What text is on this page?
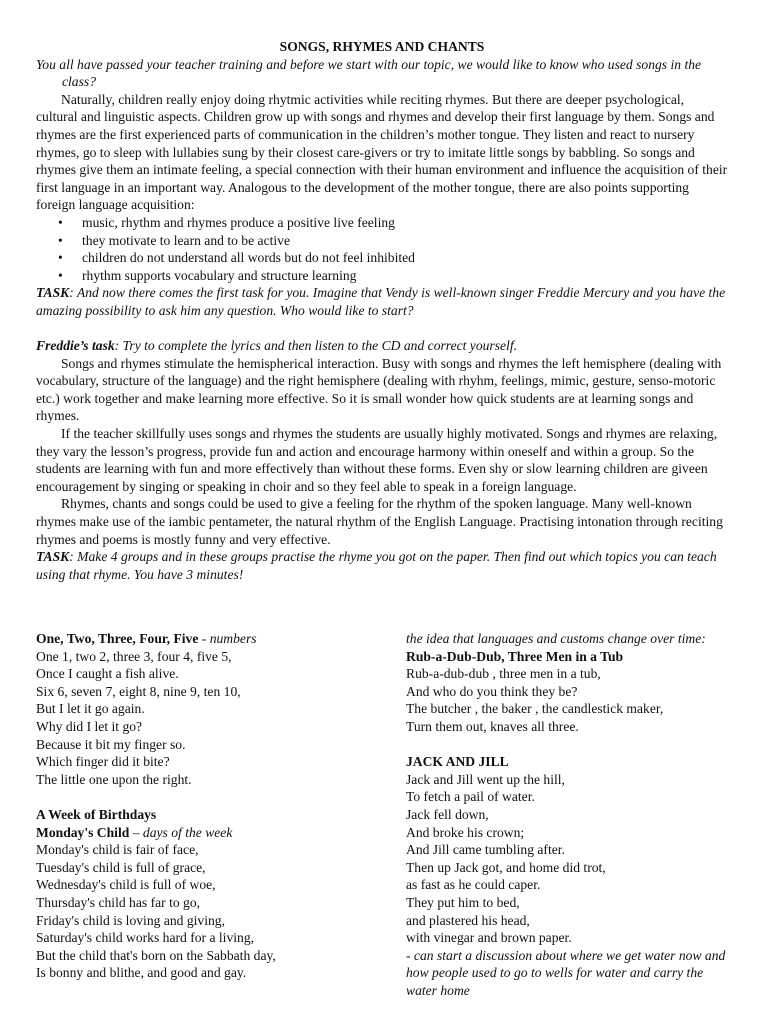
SONGS, RHYMES AND CHANTS

You all have passed your teacher training and before we start with our topic, we would like to know who used songs in the class?

Naturally, children really enjoy doing rhytmic activities while reciting rhymes. But there are deeper psychological, cultural and linguistic aspects. Children grow up with songs and rhymes and develop their first language by them. Songs and rhymes are the first experienced parts of communication in the children’s mother tongue. They listen and react to nursery rhymes, go to sleep with lullabies sung by their closest care-givers or try to imitate little songs by babbling. So songs and rhymes give them an intimate feeling, a special connection with their human environment and influence the acquisition of their first language in an important way. Analogous to the development of the mother tongue, there are also points supporting foreign language acquisition:

• music, rhythm and rhymes produce a positive live feeling
• they motivate to learn and to be active
• children do not understand all words but do not feel inhibited
• rhythm supports vocabulary and structure learning

TASK: And now there comes the first task for you. Imagine that Vendy is well-known singer Freddie Mercury and you have the amazing possibility to ask him any question. Who would like to start?

Freddie’s task: Try to complete the lyrics and then listen to the CD and correct yourself.

Songs and rhymes stimulate the hemispherical interaction. Busy with songs and rhymes the left hemisphere (dealing with vocabulary, structure of the language) and the right hemisphere (dealing with rhyhm, feelings, mimic, gesture, senso-motoric etc.) work together and make learning more effective. So it is small wonder how quick students are at learning songs and rhymes.

If the teacher skillfully uses songs and rhymes the students are usually highly motivated. Songs and rhymes are relaxing, they vary the lesson’s progress, provide fun and action and encourage harmony within oneself and within a group. So the students are learning with fun and more effectively than without these forms. Even shy or slow learning children are giveen encouragement by singing or speaking in choir and so they feel able to speak in a foreign language.

Rhymes, chants and songs could be used to give a feeling for the rhythm of the spoken language. Many well-known rhymes make use of the iambic pentameter, the natural rhythm of the English Language. Practising intonation through reciting rhymes and poems is mostly funny and very effective.

TASK: Make 4 groups and in these groups practise the rhyme you got on the paper. Then find out which topics you can teach using that rhyme. You have 3 minutes!

One, Two, Three, Four, Five - numbers

One 1, two 2, three 3, four 4, five 5,

Once I caught a fish alive.

Six 6, seven 7, eight 8, nine 9, ten 10,

But I let it go again.

Why did I let it go?

Because it bit my finger so.

Which finger did it bite?

The little one upon the right.

A Week of Birthdays

Monday's Child – days of the week

Monday's child is fair of face,

Tuesday's child is full of grace,

Wednesday's child is full of woe,

Thursday's child has far to go,

Friday's child is loving and giving,

Saturday's child works hard for a living,

But the child that's born on the Sabbath day,

Is bonny and blithe, and good and gay.

the idea that languages and customs change over time:

Rub-a-Dub-Dub, Three Men in a Tub

Rub-a-dub-dub , three men in a tub,

And who do you think they be?

The butcher , the baker , the candlestick maker,

Turn them out, knaves all three.

JACK AND JILL

Jack and Jill went up the hill,

To fetch a pail of water.

Jack fell down,

And broke his crown;

And Jill came tumbling after.

Then up Jack got, and home did trot,

as fast as he could caper.

They put him to bed,

and plastered his head,

with vinegar and brown paper.

- can start a discussion about where we get water now and how people used to go to wells for water and carry the water home
